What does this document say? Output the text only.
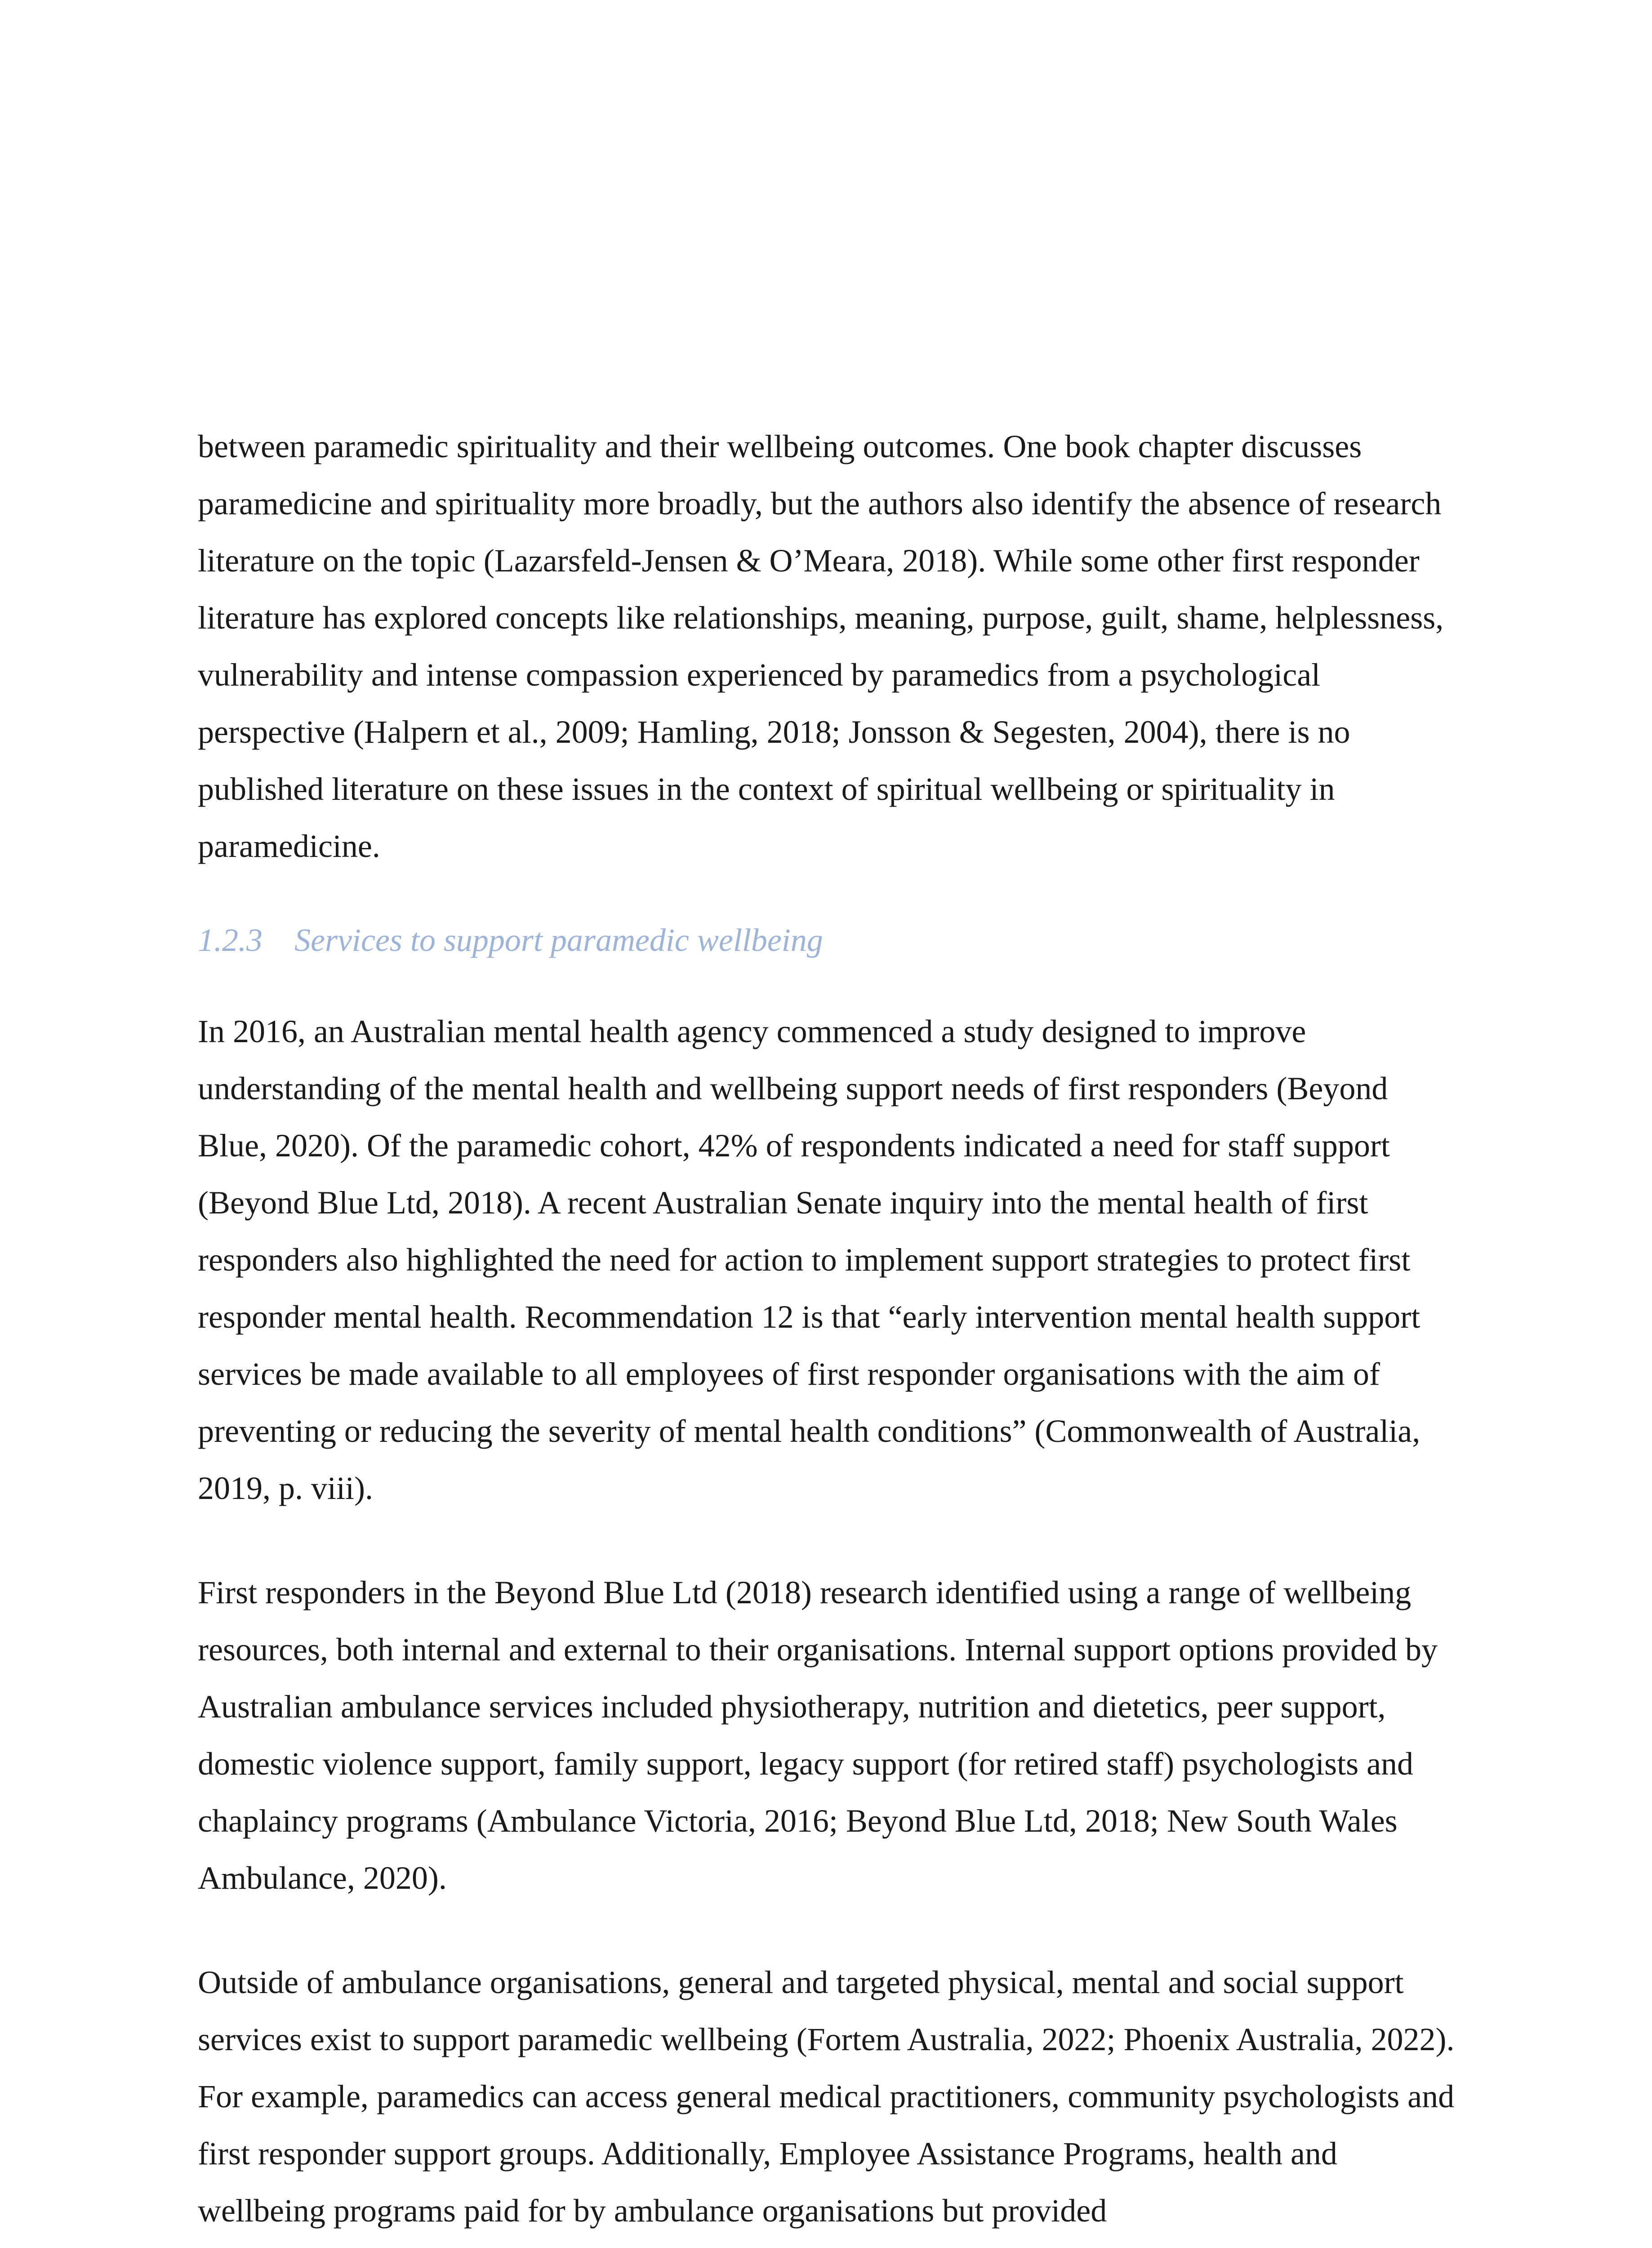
between paramedic spirituality and their wellbeing outcomes. One book chapter discusses paramedicine and spirituality more broadly, but the authors also identify the absence of research literature on the topic (Lazarsfeld-Jensen & O’Meara, 2018). While some other first responder literature has explored concepts like relationships, meaning, purpose, guilt, shame, helplessness, vulnerability and intense compassion experienced by paramedics from a psychological perspective (Halpern et al., 2009; Hamling, 2018; Jonsson & Segesten, 2004), there is no published literature on these issues in the context of spiritual wellbeing or spirituality in paramedicine.

1.2.3 Services to support paramedic wellbeing

In 2016, an Australian mental health agency commenced a study designed to improve understanding of the mental health and wellbeing support needs of first responders (Beyond Blue, 2020). Of the paramedic cohort, 42% of respondents indicated a need for staff support (Beyond Blue Ltd, 2018). A recent Australian Senate inquiry into the mental health of first responders also highlighted the need for action to implement support strategies to protect first responder mental health. Recommendation 12 is that “early intervention mental health support services be made available to all employees of first responder organisations with the aim of preventing or reducing the severity of mental health conditions” (Commonwealth of Australia, 2019, p. viii).

First responders in the Beyond Blue Ltd (2018) research identified using a range of wellbeing resources, both internal and external to their organisations. Internal support options provided by Australian ambulance services included physiotherapy, nutrition and dietetics, peer support, domestic violence support, family support, legacy support (for retired staff) psychologists and chaplaincy programs (Ambulance Victoria, 2016; Beyond Blue Ltd, 2018; New South Wales Ambulance, 2020).

Outside of ambulance organisations, general and targeted physical, mental and social support services exist to support paramedic wellbeing (Fortem Australia, 2022; Phoenix Australia, 2022). For example, paramedics can access general medical practitioners, community psychologists and first responder support groups. Additionally, Employee Assistance Programs, health and wellbeing programs paid for by ambulance organisations but provided
